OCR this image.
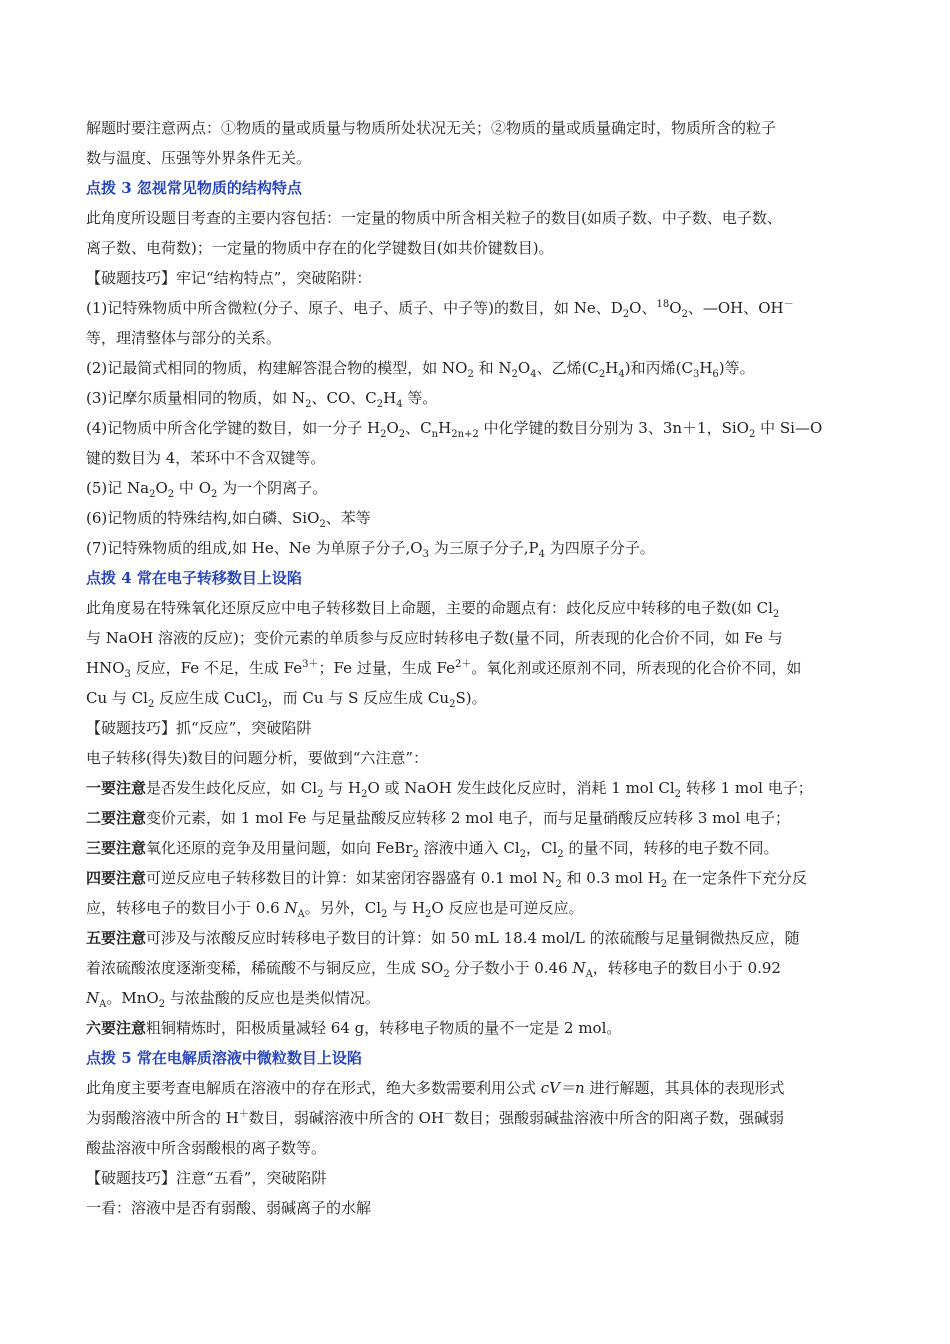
解题时要注意两点：①物质的量或质量与物质所处状况无关；②物质的量或质量确定时，物质所含的粒子
数与温度、压强等外界条件无关。
点拨 3 忽视常见物质的结构特点
此角度所设题目考查的主要内容包括：一定量的物质中所含相关粒子的数目(如质子数、中子数、电子数、
离子数、电荷数)；一定量的物质中存在的化学键数目(如共价键数目)。
【破题技巧】牢记“结构特点”，突破陷阱：
(1)记特殊物质中所含微粒(分子、原子、电子、质子、中子等)的数目，如 Ne、$D_2O$、$^{18}O_2$、—OH、OH－
等，理清整体与部分的关系。
(2)记最简式相同的物质，构建解答混合物的模型，如 $NO_2$ 和 $N_2O_4$、乙烯$(C_2H_4)$和丙烯$(C_3H_6)$等。
(3)记摩尔质量相同的物质，如 $N_2$、CO、$C_2H_4$ 等。
(4)记物质中所含化学键的数目，如一分子 $H_2O_2$、$C_nH_{2n+2}$ 中化学键的数目分别为 3、3n＋1，SiO$_2$ 中 Si—O
键的数目为 4，苯环中不含双键等。
(5)记 $Na_2O_2$ 中 $O_2$ 为一个阴离子。
(6)记物质的特殊结构,如白磷、SiO$_2$、苯等
(7)记特殊物质的组成,如 He、Ne 为单原子分子$,O_3$ 为三原子分子$,P_4$ 为四原子分子。
点拨 4 常在电子转移数目上设陷
此角度易在特殊氧化还原反应中电子转移数目上命题，主要的命题点有：歧化反应中转移的电子数(如 $Cl_2$
与 NaOH 溶液的反应)；变价元素的单质参与反应时转移电子数(量不同，所表现的化合价不同，如 Fe 与
$HNO_3$ 反应，Fe 不足，生成 $Fe^{3+}$；Fe 过量，生成 $Fe^{2+}$。氧化剂或还原剂不同，所表现的化合价不同，如
Cu 与 $Cl_2$ 反应生成 CuCl$_2$，而 Cu 与 S 反应生成 $Cu_2S$)。
【破题技巧】抓“反应”，突破陷阱
电子转移(得失)数目的问题分析，要做到“六注意”：
一要注意是否发生歧化反应，如 $Cl_2$ 与 $H_2O$ 或 NaOH 发生歧化反应时，消耗 1 mol $Cl_2$ 转移 1 mol 电子；
二要注意变价元素，如 1 mol Fe 与足量盐酸反应转移 2 mol 电子，而与足量硝酸反应转移 3 mol 电子；
三要注意氧化还原的竞争及用量问题，如向 FeBr$_2$ 溶液中通入 $Cl_2$，$Cl_2$ 的量不同，转移的电子数不同。
四要注意可逆反应电子转移数目的计算：如某密闭容器盛有 0.1 mol $N_2$ 和 0.3 mol $H_2$ 在一定条件下充分反
应，转移电子的数目小于 0.6 $N_A$。另外，$Cl_2$ 与 $H_2O$ 反应也是可逆反应。
五要注意可涉及与浓酸反应时转移电子数目的计算：如 50 mL 18.4 mol/L 的浓硫酸与足量铜微热反应，随
着浓硫酸浓度逐渐变稀，稀硫酸不与铜反应，生成 $SO_2$ 分子数小于 0.46 $N_A$，转移电子的数目小于 0.92
$N_A$。MnO$_2$ 与浓盐酸的反应也是类似情况。
六要注意粗铜精炼时，阳极质量减轻 64 g，转移电子物质的量不一定是 2 mol。
点拨 5 常在电解质溶液中微粒数目上设陷
此角度主要考查电解质在溶液中的存在形式，绝大多数需要利用公式 cV＝n 进行解题，其具体的表现形式
为弱酸溶液中所含的 H＋数目，弱碱溶液中所含的 OH－数目；强酸弱碱盐溶液中所含的阳离子数，强碱弱
酸盐溶液中所含弱酸根的离子数等。
【破题技巧】注意“五看”，突破陷阱
一看：溶液中是否有弱酸、弱碱离子的水解
